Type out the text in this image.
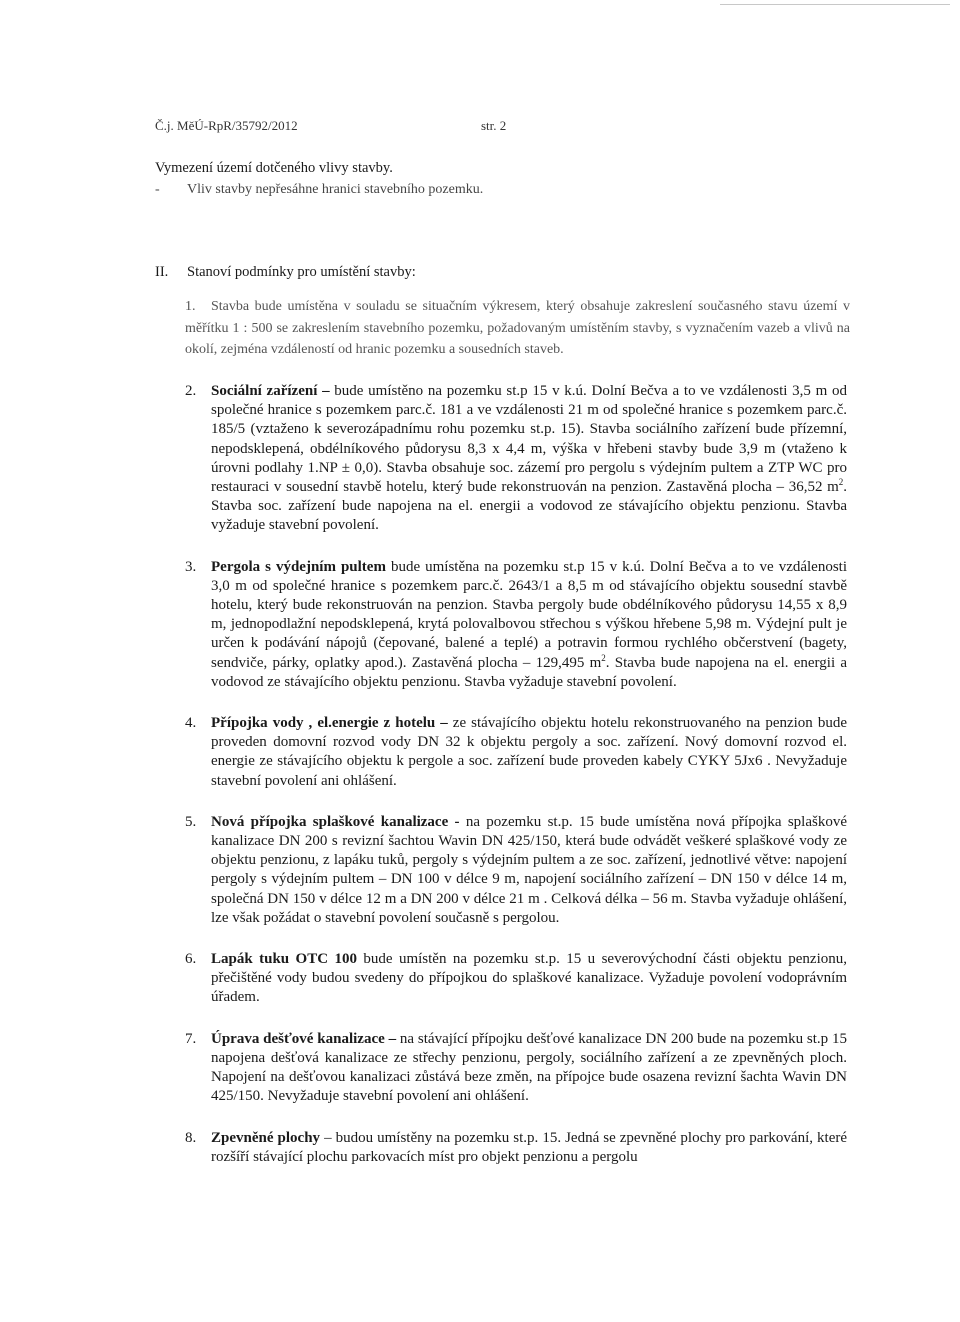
Č.j. MěÚ-RpR/35792/2012	str. 2
Vymezení území dotčeného vlivy stavby.
- Vliv stavby nepřesáhne hranici stavebního pozemku.
II. Stanoví podmínky pro umístění stavby:
1. Stavba bude umístěna v souladu se situačním výkresem, který obsahuje zakreslení současného stavu území v měřítku 1 : 500 se zakreslením stavebního pozemku, požadovaným umístěním stavby, s vyznačením vazeb a vlivů na okolí, zejména vzdáleností od hranic pozemku a sousedních staveb.

2. Sociální zařízení – bude umístěno na pozemku st.p 15 v k.ú. Dolní Bečva a to ve vzdálenosti 3,5 m od společné hranice s pozemkem parc.č. 181 a ve vzdálenosti 21 m od společné hranice s pozemkem parc.č. 185/5 (vztaženo k severozápadnímu rohu pozemku st.p. 15). Stavba sociálního zařízení bude přízemní, nepodsklepená, obdélníkového půdorysu 8,3 x 4,4 m, výška v hřebeni stavby bude 3,9 m (vtaženo k úrovni podlahy 1.NP ± 0,0). Stavba obsahuje soc. zázemí pro pergolu s výdejním pultem a ZTP WC pro restauraci v sousední stavbě hotelu, který bude rekonstruován na penzion. Zastavěná plocha – 36,52 $m^2$. Stavba soc. zařízení bude napojena na el. energii a vodovod ze stávajícího objektu penzionu. Stavba vyžaduje stavební povolení.

3. Pergola s výdejním pultem bude umístěna na pozemku st.p 15 v k.ú. Dolní Bečva a to ve vzdálenosti 3,0 m od společné hranice s pozemkem parc.č. 2643/1 a 8,5 m od stávajícího objektu sousední stavbě hotelu, který bude rekonstruován na penzion. Stavba pergoly bude obdélníkového půdorysu 14,55 x 8,9 m, jednopodlažní nepodsklepená, krytá polovalbovou střechou s výškou hřebene 5,98 m. Výdejní pult je určen k podávání nápojů (čepované, balené a teplé) a potravin formou rychlého občerstvení (bagety, sendviče, párky, oplatky apod.). Zastavěná plocha – 129,495 $m^2$. Stavba bude napojena na el. energii a vodovod ze stávajícího objektu penzionu. Stavba vyžaduje stavební povolení.

4. Přípojka vody , el.energie z hotelu – ze stávajícího objektu hotelu rekonstruovaného na penzion bude proveden domovní rozvod vody DN 32 k objektu pergoly a soc. zařízení. Nový domovní rozvod el. energie ze stávajícího objektu k pergole a soc. zařízení bude proveden kabely CYKY 5Jx6 . Nevyžaduje stavební povolení ani ohlášení.

5. Nová přípojka splaškové kanalizace - na pozemku st.p. 15 bude umístěna nová přípojka splaškové kanalizace DN 200 s revizní šachtou Wavin DN 425/150, která bude odvádět veškeré splaškové vody ze objektu penzionu, z lapáku tuků, pergoly s výdejním pultem a ze soc. zařízení, jednotlivé větve: napojení pergoly s výdejním pultem – DN 100 v délce 9 m, napojení sociálního zařízení – DN 150 v délce 14 m, společná DN 150 v délce 12 m a DN 200 v délce 21 m . Celková délka – 56 m. Stavba vyžaduje ohlášení, lze však požádat o stavební povolení současně s pergolou.

6. Lapák tuku OTC 100 bude umístěn na pozemku st.p. 15 u severovýchodní části objektu penzionu, přečištěné vody budou svedeny do přípojkou do splaškové kanalizace. Vyžaduje povolení vodoprávním úřadem.

7. Úprava dešťové kanalizace – na stávající přípojku dešťové kanalizace DN 200 bude na pozemku st.p 15 napojena dešťová kanalizace ze střechy penzionu, pergoly, sociálního zařízení a ze zpevněných ploch. Napojení na dešťovou kanalizaci zůstává beze změn, na přípojce bude osazena revizní šachta Wavin DN 425/150. Nevyžaduje stavební povolení ani ohlášení.

8. Zpevněné plochy – budou umístěny na pozemku st.p. 15. Jedná se zpevněné plochy pro parkování, které rozšíří stávající plochu parkovacích míst pro objekt penzionu a pergolu
